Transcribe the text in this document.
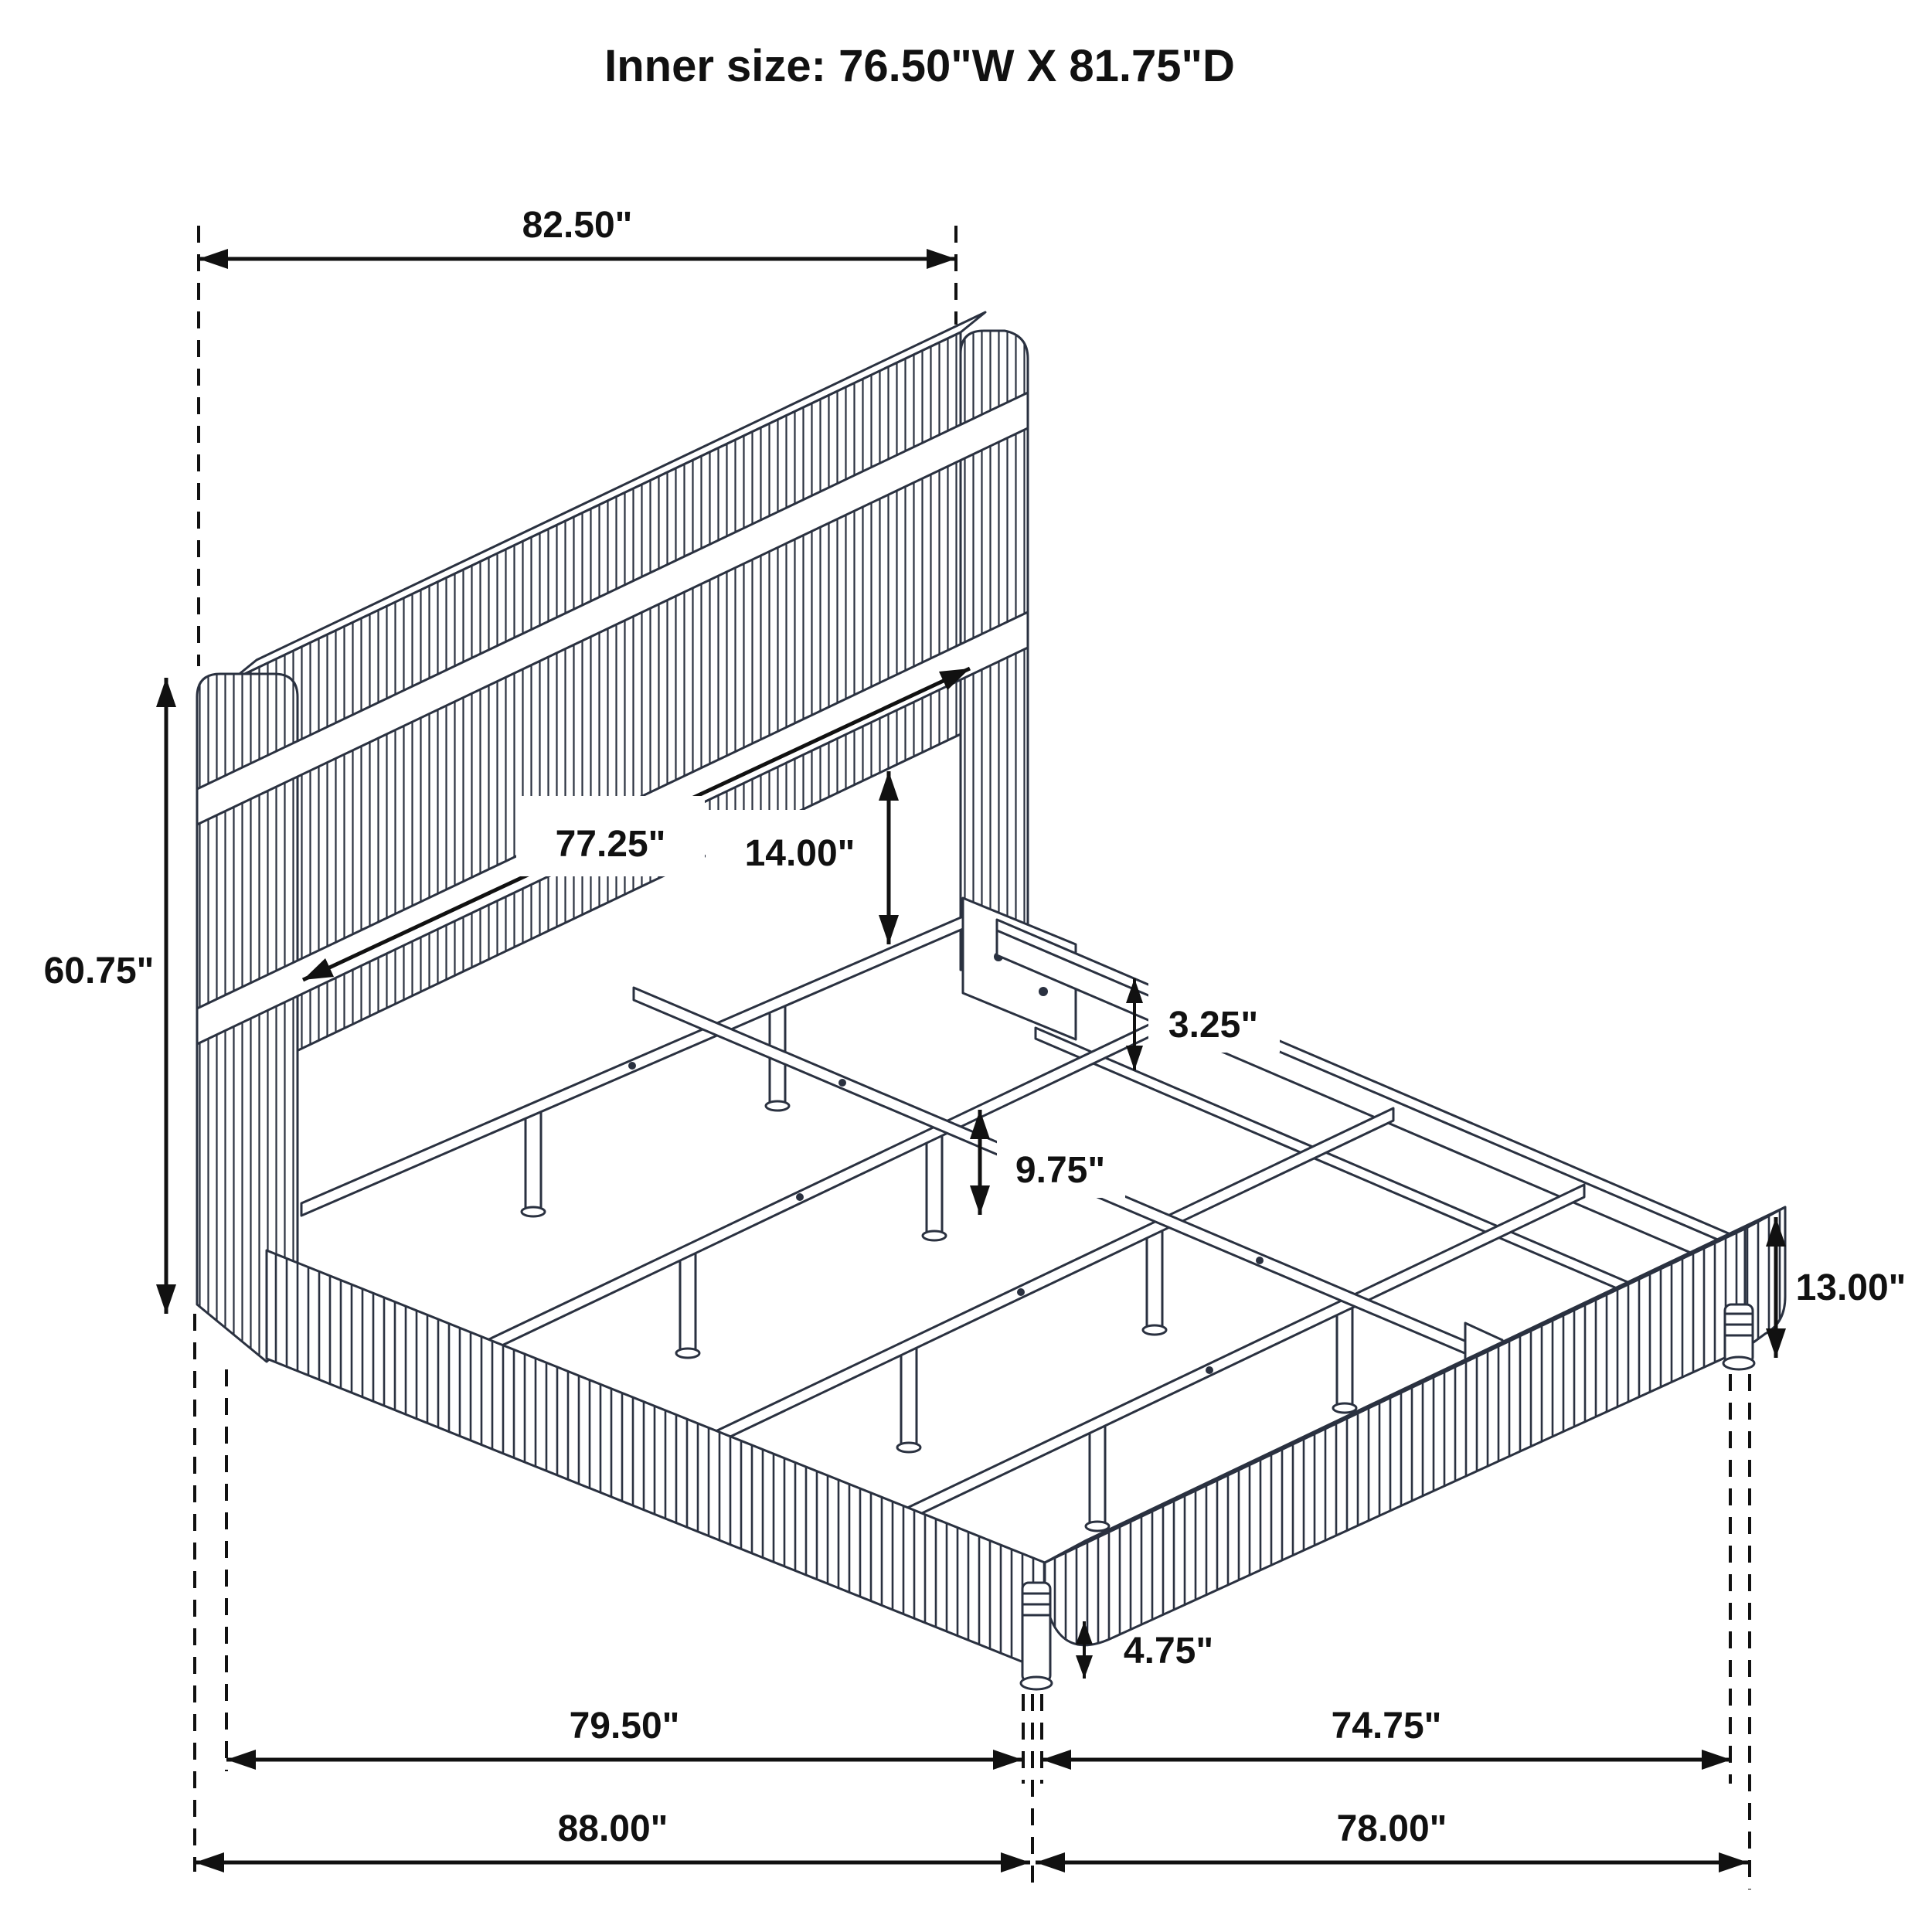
Inner size: 76.50"W X 81.75"D
82.50"
60.75"
77.25" 14.00"
3.25"
9.75"
13.00"
4.75"
79.50"	74.75"
88.00"	78.00"
